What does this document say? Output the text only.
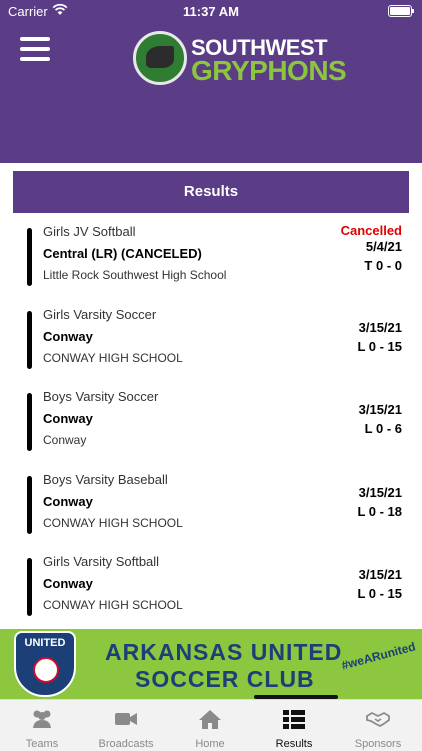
Carrier	11:37 AM
SOUTHWEST
GRYPHONS
Results
Girls JV Softball
Central (LR) (CANCELED)
Little Rock Southwest High School
Cancelled
5/4/21
T 0 - 0
Girls Varsity Soccer
Conway
CONWAY HIGH SCHOOL
3/15/21
L 0 - 15
Boys Varsity Soccer
Conway
Conway
3/15/21
L 0 - 6
Boys Varsity Baseball
Conway
CONWAY HIGH SCHOOL
3/15/21
L 0 - 18
Girls Varsity Softball
Conway
CONWAY HIGH SCHOOL
3/15/21
L 0 - 15
UNITED	ARKANSAS UNITED
SOCCER CLUB
#weARunited
Teams	Broadcasts	Home	Results	Sponsors
